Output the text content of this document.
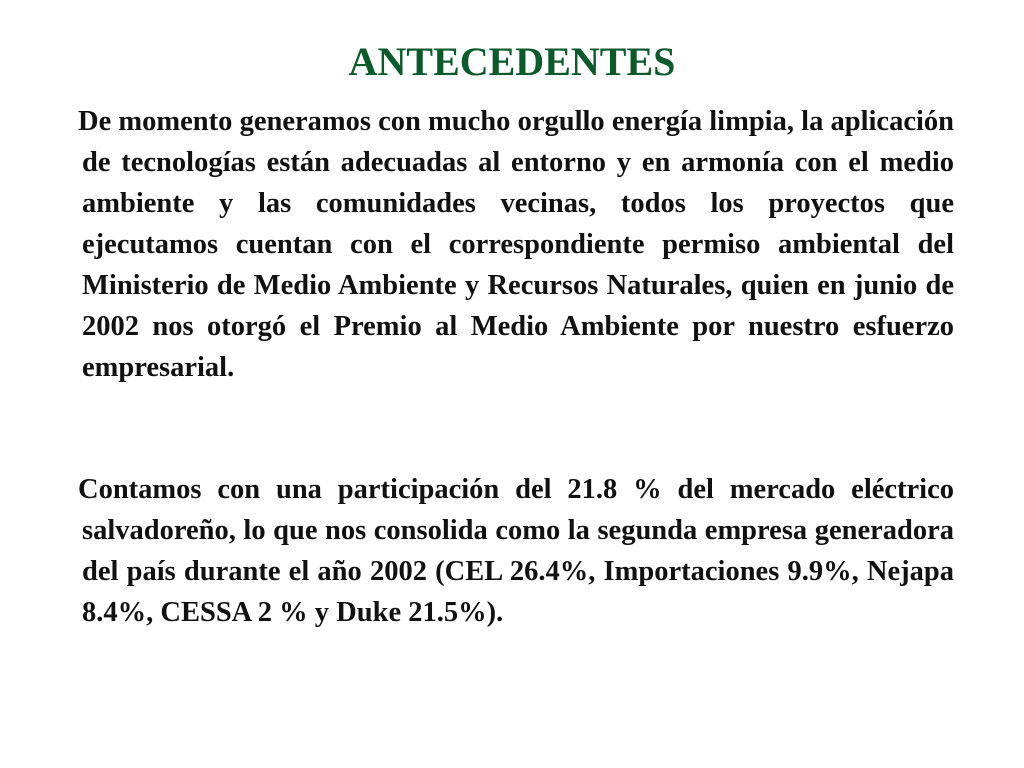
ANTECEDENTES

De momento generamos con mucho orgullo energía limpia, la aplicación de tecnologías están adecuadas al entorno y en armonía con el medio ambiente y las comunidades vecinas, todos los proyectos que ejecutamos cuentan con el correspondiente permiso ambiental del Ministerio de Medio Ambiente y Recursos Naturales, quien en junio de 2002 nos otorgó el Premio al Medio Ambiente por nuestro esfuerzo empresarial.

Contamos con una participación del 21.8 % del mercado eléctrico salvadoreño, lo que nos consolida como la segunda empresa generadora del país durante el año 2002 (CEL 26.4%, Importaciones 9.9%, Nejapa 8.4%, CESSA 2 % y Duke 21.5%).
